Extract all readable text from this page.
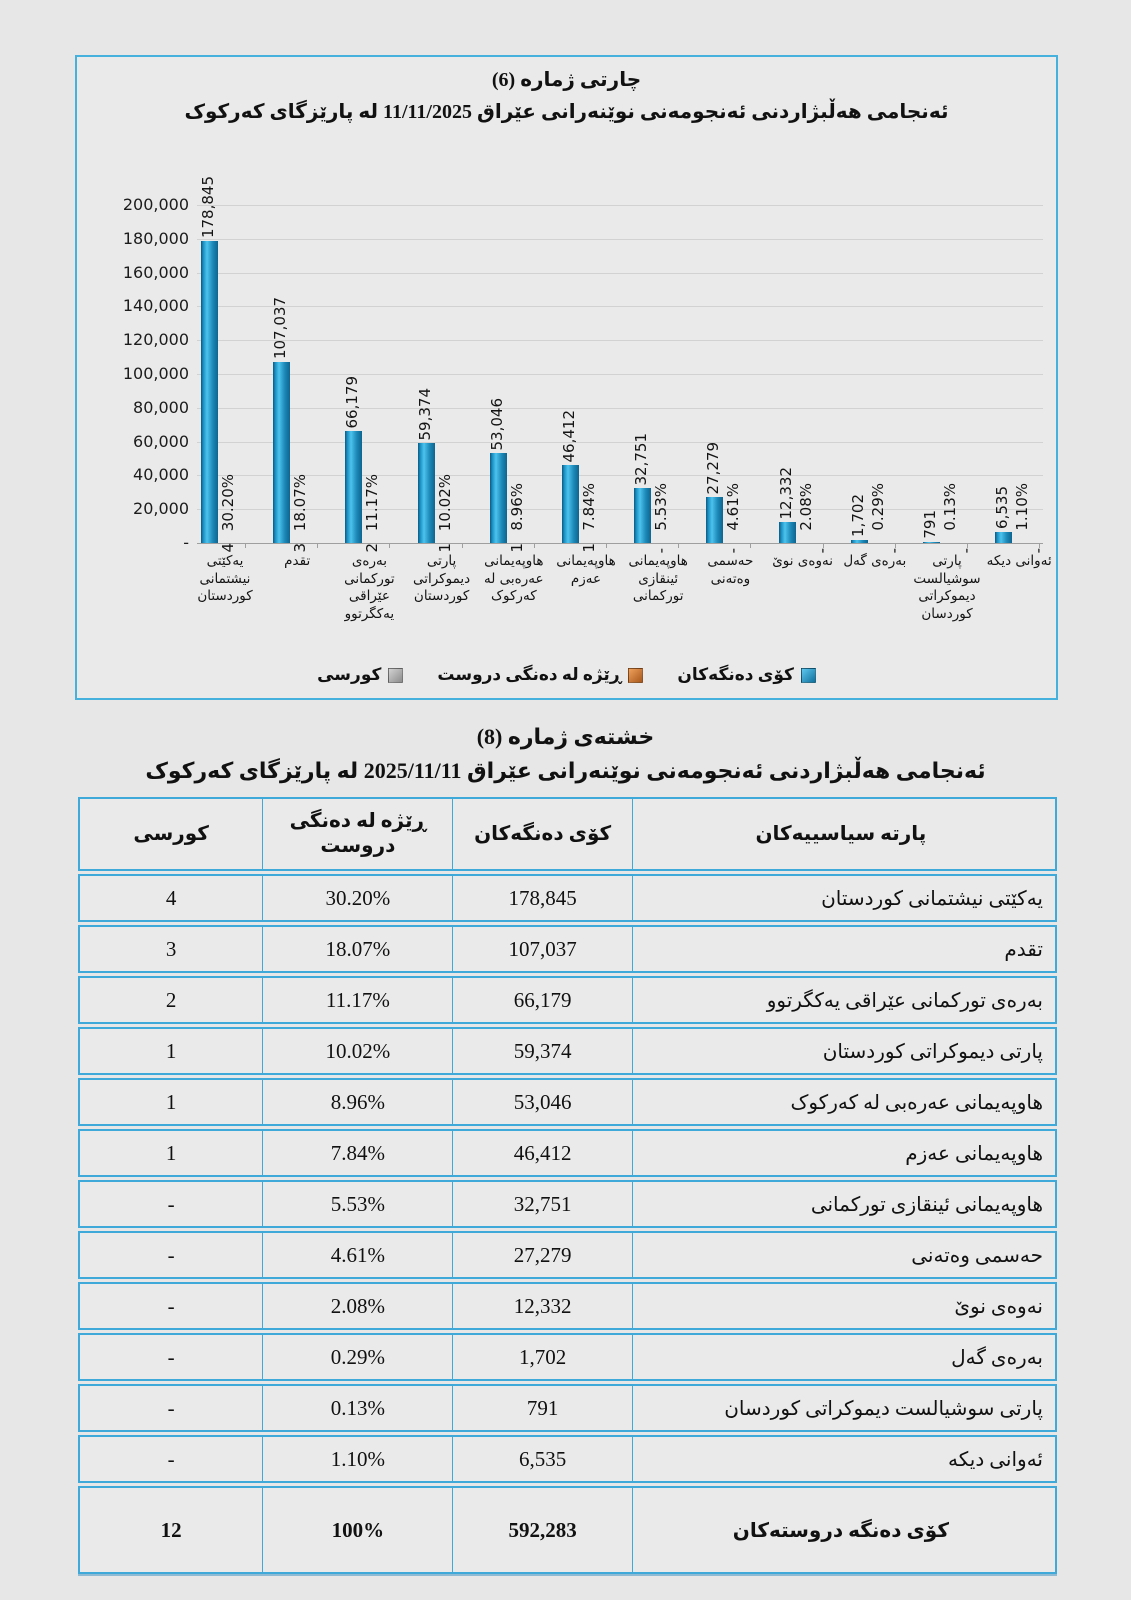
چارتی ژماره (6)
ئەنجامی هەڵبژاردنی ئەنجومەنی نوێنەرانی عێراق 11/11/2025 له پارێزگای کەرکوک
200,000
180,000
160,000
140,000
120,000
100,000
80,000
60,000
40,000
20,000
-
178,845
30.20%
4
یەکێتی نیشتمانی کوردستان
107,037
18.07%
3
تقدم
66,179
11.17%
2
بەرەی تورکمانی عێراقی یەکگرتوو
59,374
10.02%
1
پارتی دیموکراتی کوردستان
53,046
8.96%
1
هاوپەیمانی عەرەبی له کەرکوک
46,412
7.84%
1
هاوپەیمانی عەزم
32,751
5.53%
-
هاوپەیمانی ئینقازی تورکمانی
27,279
4.61%
-
حەسمی وەتەنی
12,332 2.08%
-
نەوەی نوێ
1,702 0.29%
-
بەرەی گەل
791 0.13%
-
پارتی سوشیالست دیموکراتی کوردسان
6,535 1.10%
-
ئەوانی دیکه
کۆی دەنگەکان
ڕێژە له دەنگی دروست
کورسی
خشتەی ژماره (8)
ئەنجامی هەڵبژاردنی ئەنجومەنی نوێنەرانی عێراق 2025/11/11 له پارێزگای کەرکوک
پارته سیاسییەکان
کۆی دەنگەکان
ڕێژە له دەنگی دروست
کورسی
یەکێتی نیشتمانی کوردستان
178,845
30.20%
4
تقدم
107,037
18.07%
3
بەرەی تورکمانی عێراقی یەکگرتوو
66,179
11.17%
2
پارتی دیموکراتی کوردستان
59,374
10.02%
1
هاوپەیمانی عەرەبی له کەرکوک
53,046
8.96%
1
هاوپەیمانی عەزم
46,412
7.84%
1
هاوپەیمانی ئینقازی تورکمانی
32,751
5.53%
-
حەسمی وەتەنی
27,279
4.61%
-
نەوەی نوێ
12,332
2.08%
-
بەرەی گەل
1,702
0.29%
-
پارتی سوشیالست دیموکراتی کوردسان
791
0.13%
-
ئەوانی دیکه
6,535
1.10%
-
کۆی دەنگە دروستەکان
592,283
100%
12
